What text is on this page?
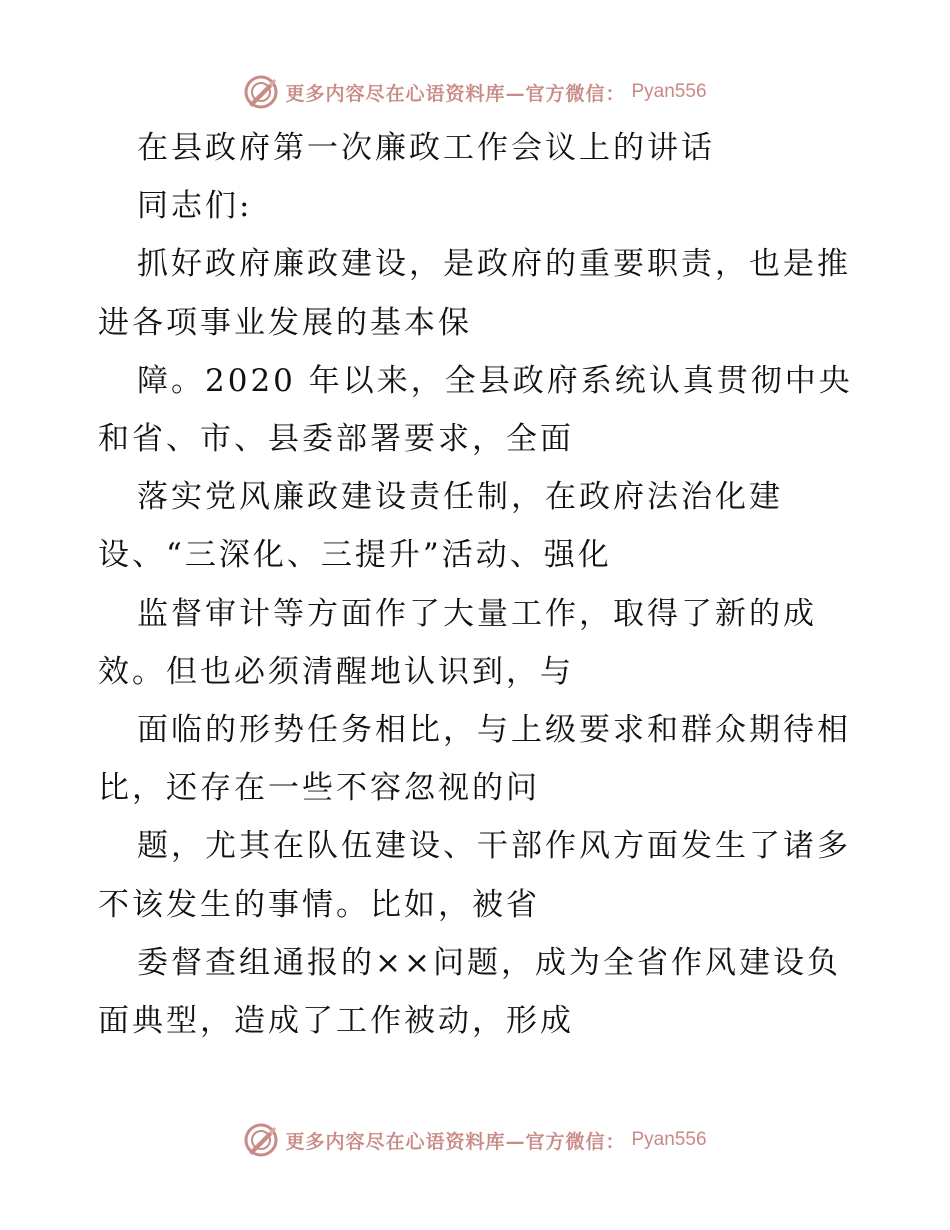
更多内容尽在心语资料库—官方微信： Pyan556
在县政府第一次廉政工作会议上的讲话
同志们:
抓好政府廉政建设，是政府的重要职责，也是推
进各项事业发展的基本保
障。2020 年以来，全县政府系统认真贯彻中央
和省、市、县委部署要求，全面
落实党风廉政建设责任制，在政府法治化建
设、“三深化、三提升”活动、强化
监督审计等方面作了大量工作，取得了新的成
效。但也必须清醒地认识到，与
面临的形势任务相比，与上级要求和群众期待相
比，还存在一些不容忽视的问
题，尤其在队伍建设、干部作风方面发生了诸多
不该发生的事情。比如，被省
委督查组通报的××问题，成为全省作风建设负
面典型，造成了工作被动，形成
更多内容尽在心语资料库—官方微信： Pyan556
